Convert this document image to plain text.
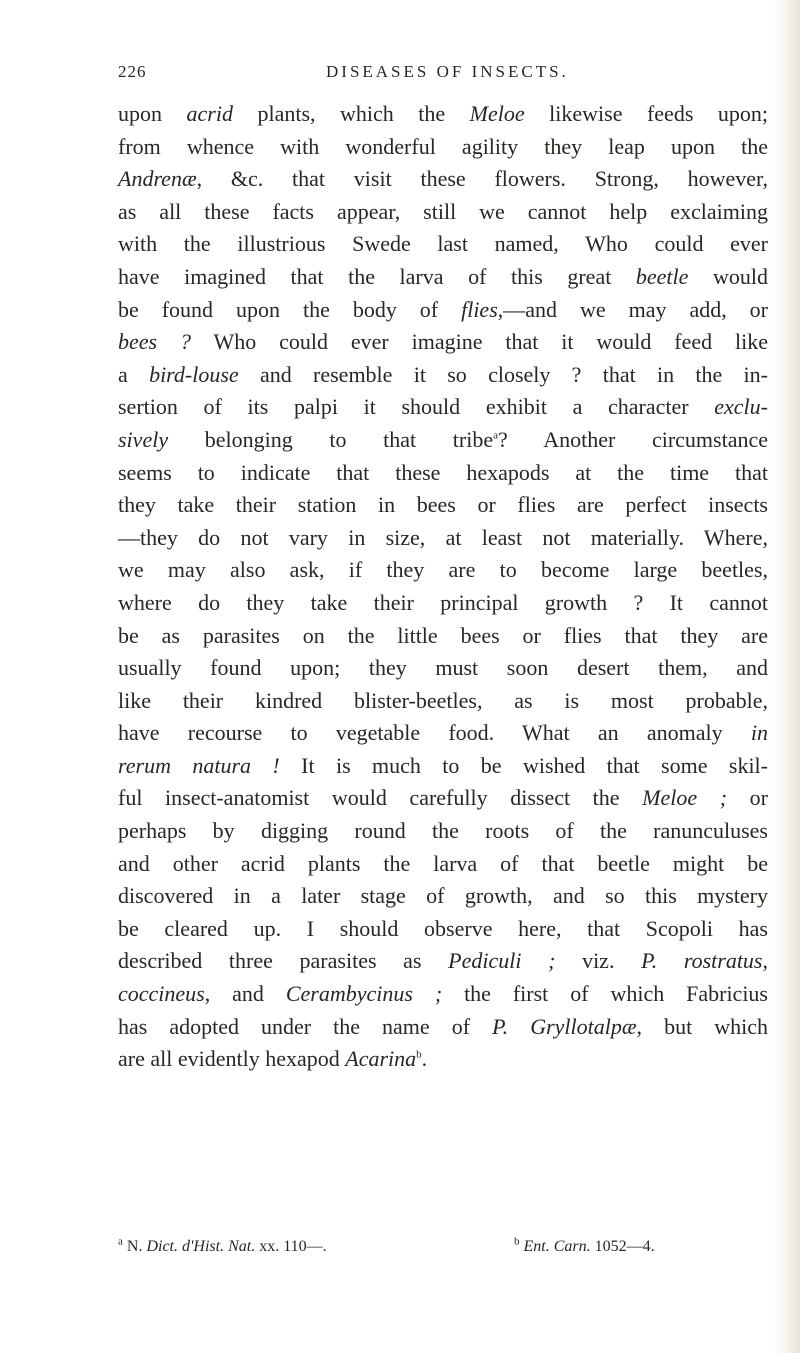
226	DISEASES OF INSECTS.
upon acrid plants, which the Meloe likewise feeds upon;
from whence with wonderful agility they leap upon the
Andrenæ, &c. that visit these flowers. Strong, however,
as all these facts appear, still we cannot help exclaiming
with the illustrious Swede last named, Who could ever
have imagined that the larva of this great beetle would
be found upon the body of flies,—and we may add, or
bees ? Who could ever imagine that it would feed like
a bird-louse and resemble it so closely ? that in the in-
sertion of its palpi it should exhibit a character exclu-
sively belonging to that tribe$^a$? Another circumstance
seems to indicate that these hexapods at the time that
they take their station in bees or flies are perfect insects
—they do not vary in size, at least not materially. Where,
we may also ask, if they are to become large beetles,
where do they take their principal growth ? It cannot
be as parasites on the little bees or flies that they are
usually found upon; they must soon desert them, and
like their kindred blister-beetles, as is most probable,
have recourse to vegetable food. What an anomaly in
rerum natura ! It is much to be wished that some skil-
ful insect-anatomist would carefully dissect the Meloe ; or
perhaps by digging round the roots of the ranunculuses
and other acrid plants the larva of that beetle might be
discovered in a later stage of growth, and so this mystery
be cleared up. I should observe here, that Scopoli has
described three parasites as Pediculi ; viz. P. rostratus,
coccineus, and Cerambycinus ; the first of which Fabricius
has adopted under the name of P. Gryllotalpæ, but which
are all evidently hexapod Acarina$^b$.
$^a$ N. Dict. d'Hist. Nat. xx. 110—.	$^b$ Ent. Carn. 1052—4.
